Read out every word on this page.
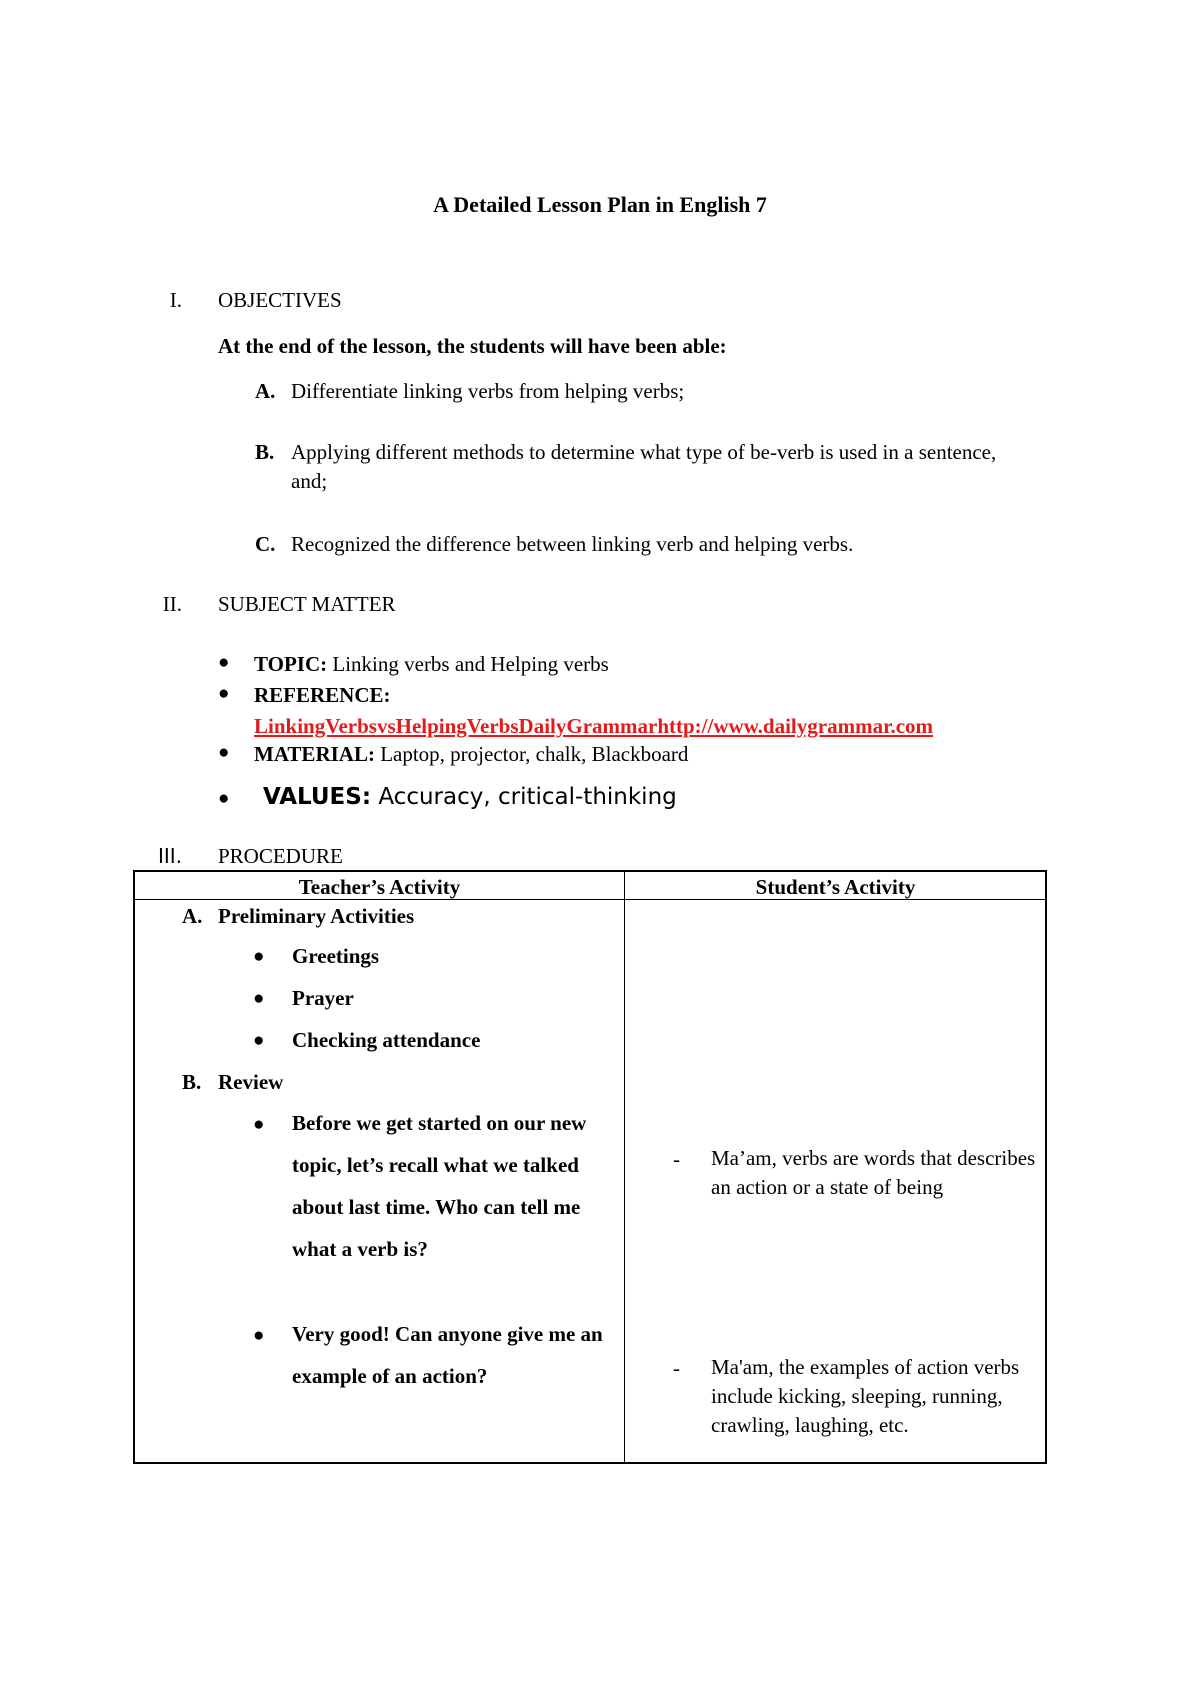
A Detailed Lesson Plan in English 7

I. OBJECTIVES

At the end of the lesson, the students will have been able:

A. Differentiate linking verbs from helping verbs;

B. Applying different methods to determine what type of be-verb is used in a sentence, and;

C. Recognized the difference between linking verb and helping verbs.

II. SUBJECT MATTER

● TOPIC: Linking verbs and Helping verbs

● REFERENCE:

LinkingVerbsvsHelpingVerbsDailyGrammarhttp://www.dailygrammar.com

● MATERIAL: Laptop, projector, chalk, Blackboard

● VALUES: Accuracy, critical-thinking

III. PROCEDURE

Teacher’s Activity	Student’s Activity

A. Preliminary Activities

● Greetings

● Prayer

● Checking attendance

B. Review

● Before we get started on our new topic, let’s recall what we talked about last time. Who can tell me what a verb is?

● Very good! Can anyone give me an example of an action?

- Ma’am, verbs are words that describes an action or a state of being

- Ma'am, the examples of action verbs include kicking, sleeping, running, crawling, laughing, etc.
